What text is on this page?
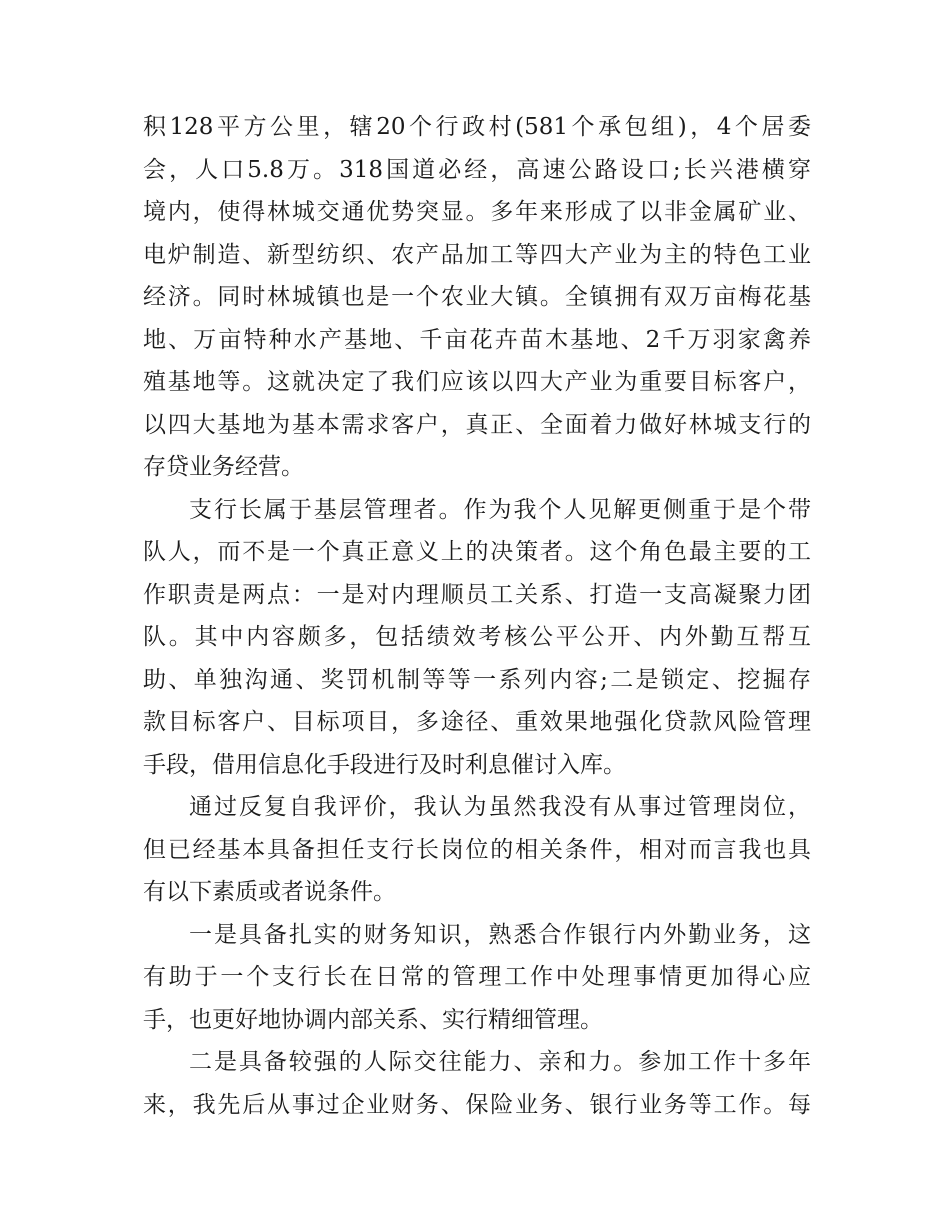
积128平方公里，辖20个行政村(581个承包组)，4个居委
会，人口5.8万。318国道必经，高速公路设口;长兴港横穿
境内，使得林城交通优势突显。多年来形成了以非金属矿业、
电炉制造、新型纺织、农产品加工等四大产业为主的特色工业
经济。同时林城镇也是一个农业大镇。全镇拥有双万亩梅花基
地、万亩特种水产基地、千亩花卉苗木基地、2千万羽家禽养
殖基地等。这就决定了我们应该以四大产业为重要目标客户，
以四大基地为基本需求客户，真正、全面着力做好林城支行的
存贷业务经营。
支行长属于基层管理者。作为我个人见解更侧重于是个带
队人，而不是一个真正意义上的决策者。这个角色最主要的工
作职责是两点：一是对内理顺员工关系、打造一支高凝聚力团
队。其中内容颇多，包括绩效考核公平公开、内外勤互帮互
助、单独沟通、奖罚机制等等一系列内容;二是锁定、挖掘存
款目标客户、目标项目，多途径、重效果地强化贷款风险管理
手段，借用信息化手段进行及时利息催讨入库。
通过反复自我评价，我认为虽然我没有从事过管理岗位，
但已经基本具备担任支行长岗位的相关条件，相对而言我也具
有以下素质或者说条件。
一是具备扎实的财务知识，熟悉合作银行内外勤业务，这
有助于一个支行长在日常的管理工作中处理事情更加得心应
手，也更好地协调内部关系、实行精细管理。
二是具备较强的人际交往能力、亲和力。参加工作十多年
来，我先后从事过企业财务、保险业务、银行业务等工作。每
